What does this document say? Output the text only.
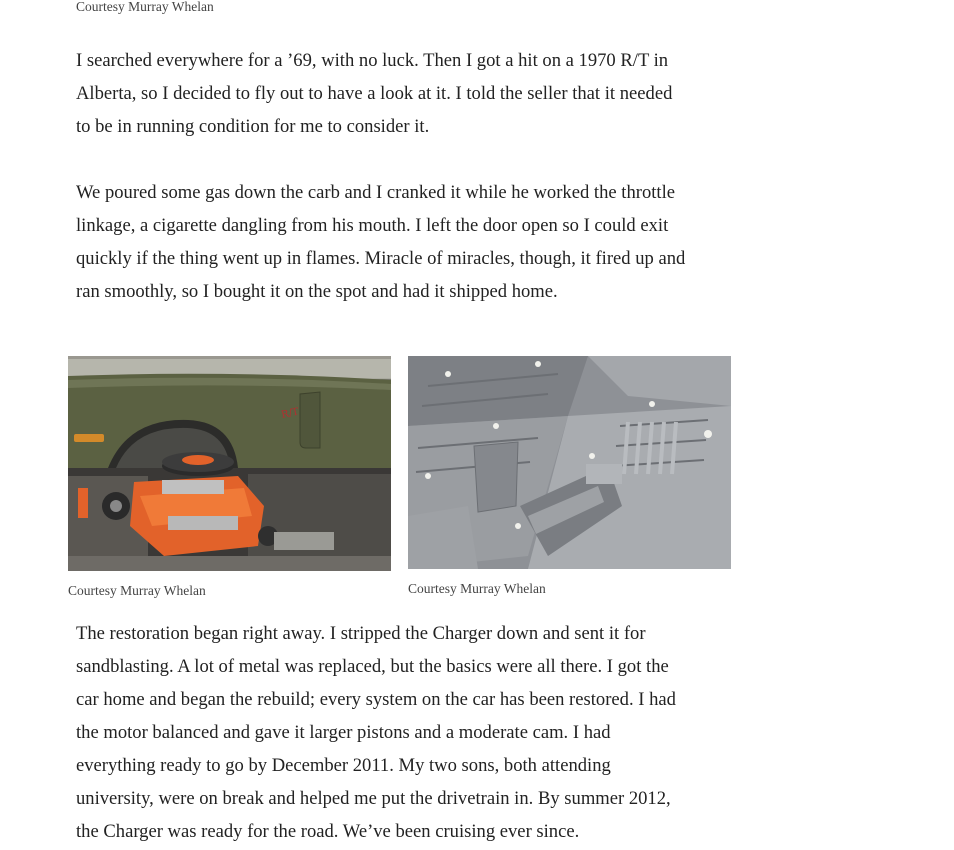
Courtesy Murray Whelan

I searched everywhere for a ’69, with no luck. Then I got a hit on a 1970 R/T in
Alberta, so I decided to fly out to have a look at it. I told the seller that it needed
to be in running condition for me to consider it.

We poured some gas down the carb and I cranked it while he worked the throttle
linkage, a cigarette dangling from his mouth. I left the door open so I could exit
quickly if the thing went up in flames. Miracle of miracles, though, it fired up and
ran smoothly, so I bought it on the spot and had it shipped home.

R/T
Courtesy Murray Whelan	Courtesy Murray Whelan

The restoration began right away. I stripped the Charger down and sent it for
sandblasting. A lot of metal was replaced, but the basics were all there. I got the
car home and began the rebuild; every system on the car has been restored. I had
the motor balanced and gave it larger pistons and a moderate cam. I had
everything ready to go by December 2011. My two sons, both attending
university, were on break and helped me put the drivetrain in. By summer 2012,
the Charger was ready for the road. We’ve been cruising ever since.
